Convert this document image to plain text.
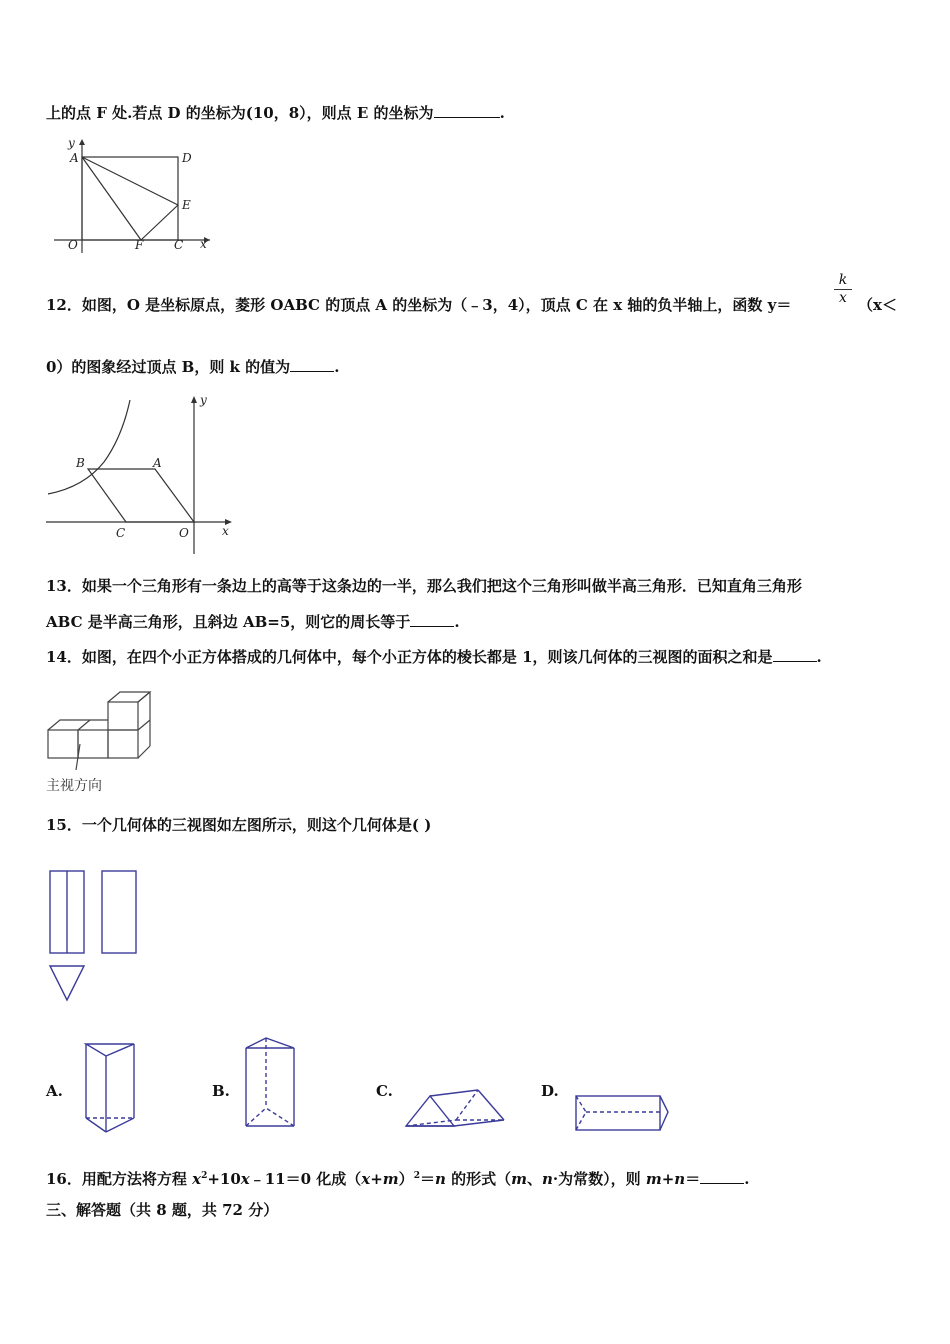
上的点 F 处.若点 D 的坐标为(10，8），则点 E 的坐标为	.
y
A	D
E
O	F	C x
12．如图，O 是坐标原点，菱形 OABC 的顶点 A 的坐标为（﹣3，4），顶点 C 在 x 轴的负半轴上，函数 y＝	$\frac{k}{x} (x<$
0）的图象经过顶点 B，则 k 的值为	.
y
B	A
C	O	x
13．如果一个三角形有一条边上的高等于这条边的一半，那么我们把这个三角形叫做半高三角形．已知直角三角形
ABC 是半高三角形，且斜边 AB=5，则它的周长等于	.
14．如图，在四个小正方体搭成的几何体中，每个小正方体的棱长都是 1，则该几何体的三视图的面积之和是	.
主视方向
15．一个几何体的三视图如左图所示，则这个几何体是( )
A.	B.	C.	D.
16．用配方法将方程 $x^2+10x﹣11=0$ 化成$(x+m)^2=n$ 的形式（m、n·为常数），则 m+n＝	.
三、解答题（共 8 题，共 72 分）
